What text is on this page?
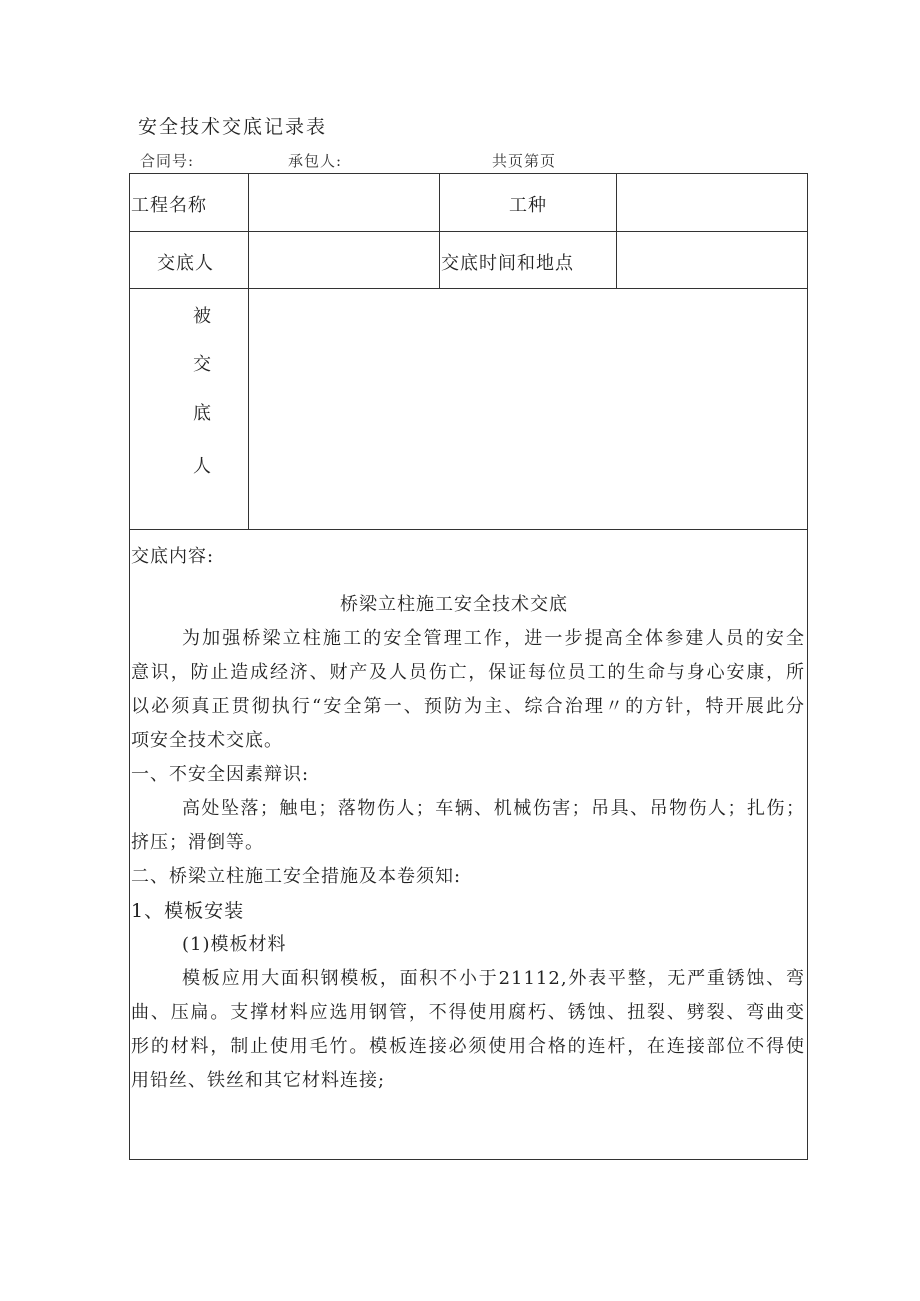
安全技术交底记录表
合同号:	承包人:	共页第页
工程名称	工种
交底人	交底时间和地点
被
交
底
人
交底内容:
桥梁立柱施工安全技术交底
为加强桥梁立柱施工的安全管理工作，进一步提高全体参建人员的安全
意识，防止造成经济、财产及人员伤亡，保证每位员工的生命与身心安康，所
以必须真正贯彻执行“安全第一、预防为主、综合治理〃的方针，特开展此分
项安全技术交底。
一、不安全因素辩识:
高处坠落；触电；落物伤人；车辆、机械伤害；吊具、吊物伤人；扎伤；
挤压；滑倒等。
二、桥梁立柱施工安全措施及本卷须知:
1、模板安装
(1)模板材料
模板应用大面积钢模板，面积不小于21112,外表平整，无严重锈蚀、弯
曲、压扁。支撑材料应选用钢管，不得使用腐朽、锈蚀、扭裂、劈裂、弯曲变
形的材料，制止使用毛竹。模板连接必须使用合格的连杆，在连接部位不得使
用铅丝、铁丝和其它材料连接;
